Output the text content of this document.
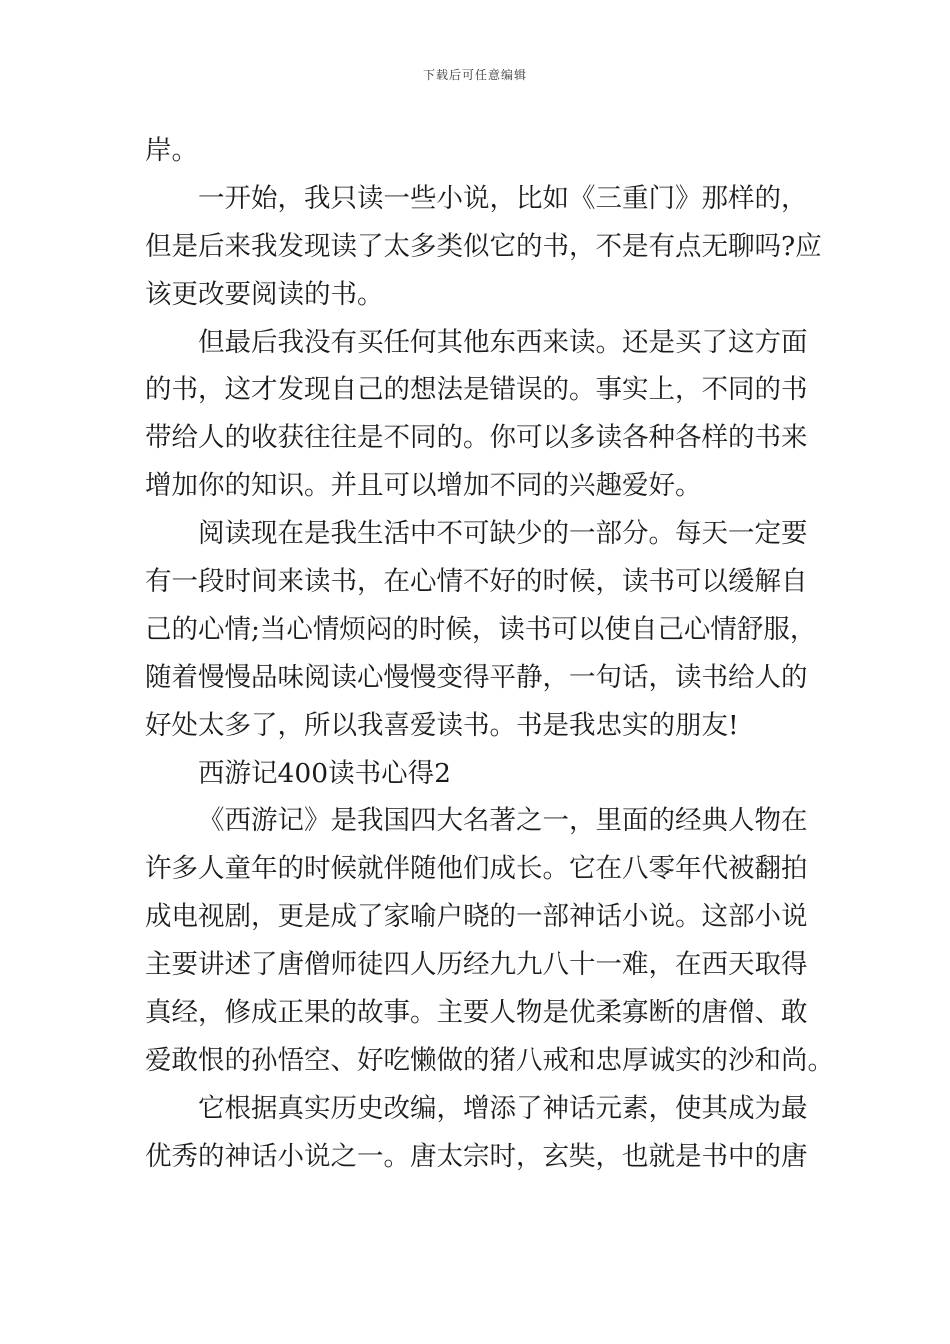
下载后可任意编辑
岸。
一开始，我只读一些小说，比如《三重门》那样的，
但是后来我发现读了太多类似它的书，不是有点无聊吗?应
该更改要阅读的书。
但最后我没有买任何其他东西来读。还是买了这方面
的书，这才发现自己的想法是错误的。事实上，不同的书
带给人的收获往往是不同的。你可以多读各种各样的书来
增加你的知识。并且可以增加不同的兴趣爱好。
阅读现在是我生活中不可缺少的一部分。每天一定要
有一段时间来读书，在心情不好的时候，读书可以缓解自
己的心情;当心情烦闷的时候，读书可以使自己心情舒服，
随着慢慢品味阅读心慢慢变得平静，一句话，读书给人的
好处太多了，所以我喜爱读书。书是我忠实的朋友!
西游记400读书心得2
《西游记》是我国四大名著之一，里面的经典人物在
许多人童年的时候就伴随他们成长。它在八零年代被翻拍
成电视剧，更是成了家喻户晓的一部神话小说。这部小说
主要讲述了唐僧师徒四人历经九九八十一难，在西天取得
真经，修成正果的故事。主要人物是优柔寡断的唐僧、敢
爱敢恨的孙悟空、好吃懒做的猪八戒和忠厚诚实的沙和尚。
它根据真实历史改编，增添了神话元素，使其成为最
优秀的神话小说之一。唐太宗时，玄奘，也就是书中的唐
